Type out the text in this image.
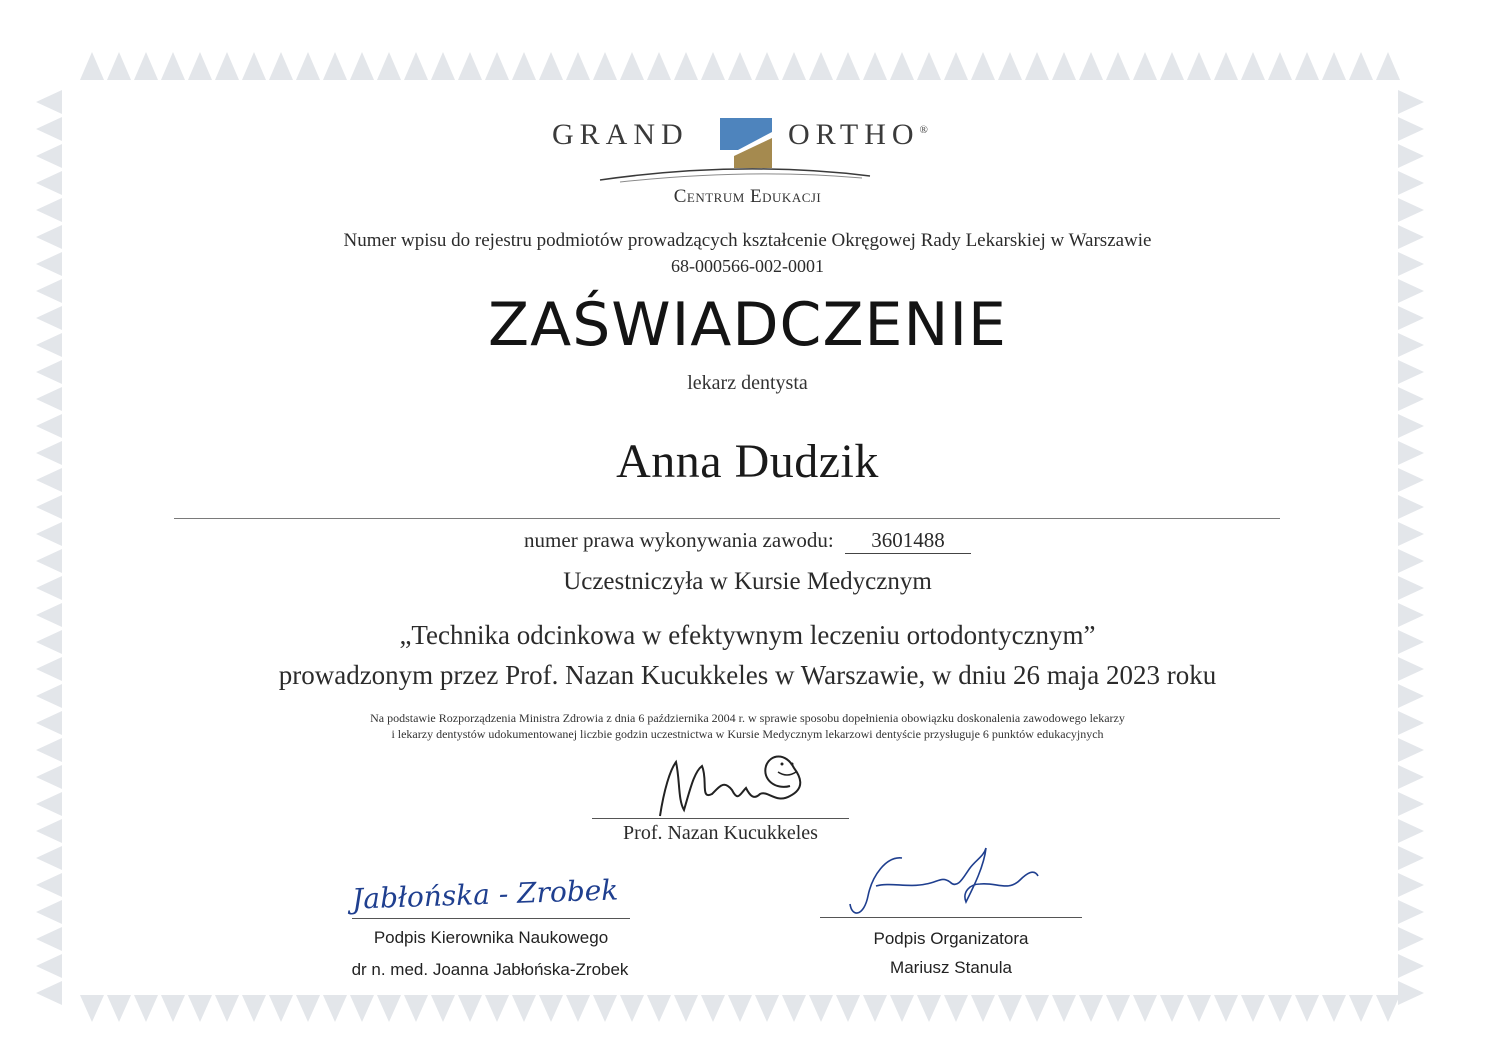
GRAND	ORTHO®
Centrum Edukacji
Numer wpisu do rejestru podmiotów prowadzących kształcenie Okręgowej Rady Lekarskiej w Warszawie
68-000566-002-0001
ZAŚWIADCZENIE
lekarz dentysta
Anna Dudzik
numer prawa wykonywania zawodu: 3601488
Uczestniczyła w Kursie Medycznym
„Technika odcinkowa w efektywnym leczeniu ortodontycznym”
prowadzonym przez Prof. Nazan Kucukkeles w Warszawie, w dniu 26 maja 2023 roku
Na podstawie Rozporządzenia Ministra Zdrowia z dnia 6 października 2004 r. w sprawie sposobu dopełnienia obowiązku doskonalenia zawodowego lekarzy
i lekarzy dentystów udokumentowanej liczbie godzin uczestnictwa w Kursie Medycznym lekarzowi dentyście przysługuje 6 punktów edukacyjnych
Prof. Nazan Kucukkeles
Jabłońska - Zrobek
Podpis Kierownika Naukowego
dr n. med. Joanna Jabłońska-Zrobek
Podpis Organizatora
Mariusz Stanula
